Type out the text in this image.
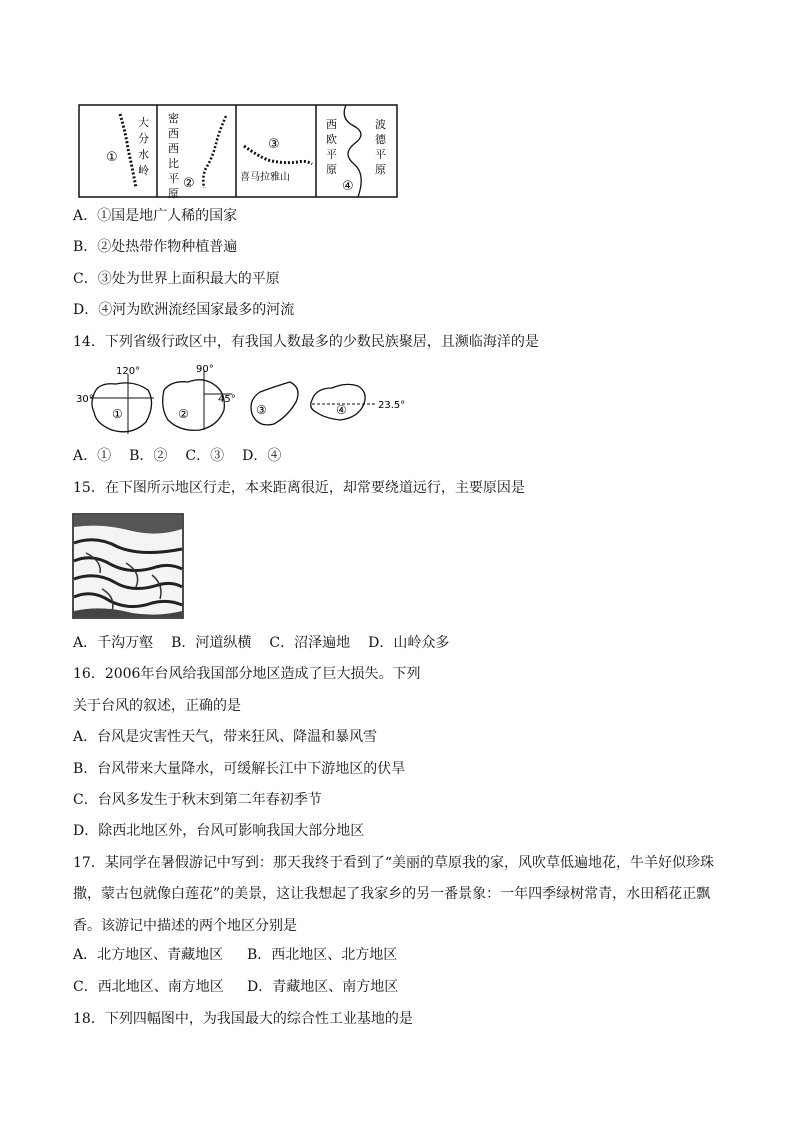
①
大
分
水
岭
密
西
西
比
平
原
②
③
喜马拉雅山
西
欧
平
原
波
德
平
原
④
A．①国是地广人稀的国家
B．②处热带作物种植普遍
C．③处为世界上面积最大的平原
D．④河为欧洲流经国家最多的河流
14．下列省级行政区中，有我国人数最多的少数民族聚居，且濒临海洋的是
120°
30°
①
90°
45°
②	③	④	23.5°
A．① B．② C．③ D．④
15．在下图所示地区行走，本来距离很近，却常要绕道远行，主要原因是
A．千沟万壑 B．河道纵横 C．沼泽遍地 D．山岭众多
16．2006年台风给我国部分地区造成了巨大损失。下列
关于台风的叙述，正确的是
A．台风是灾害性天气，带来狂风、降温和暴风雪
B．台风带来大量降水，可缓解长江中下游地区的伏旱
C．台风多发生于秋末到第二年春初季节
D．除西北地区外，台风可影响我国大部分地区
17．某同学在暑假游记中写到：那天我终于看到了“美丽的草原我的家，风吹草低遍地花，牛羊好似珍珠
撒，蒙古包就像白莲花”的美景，这让我想起了我家乡的另一番景象：一年四季绿树常青，水田稻花正飘
香。该游记中描述的两个地区分别是
A．北方地区、青藏地区 B．西北地区、北方地区
C．西北地区、南方地区 D．青藏地区、南方地区
18．下列四幅图中，为我国最大的综合性工业基地的是
